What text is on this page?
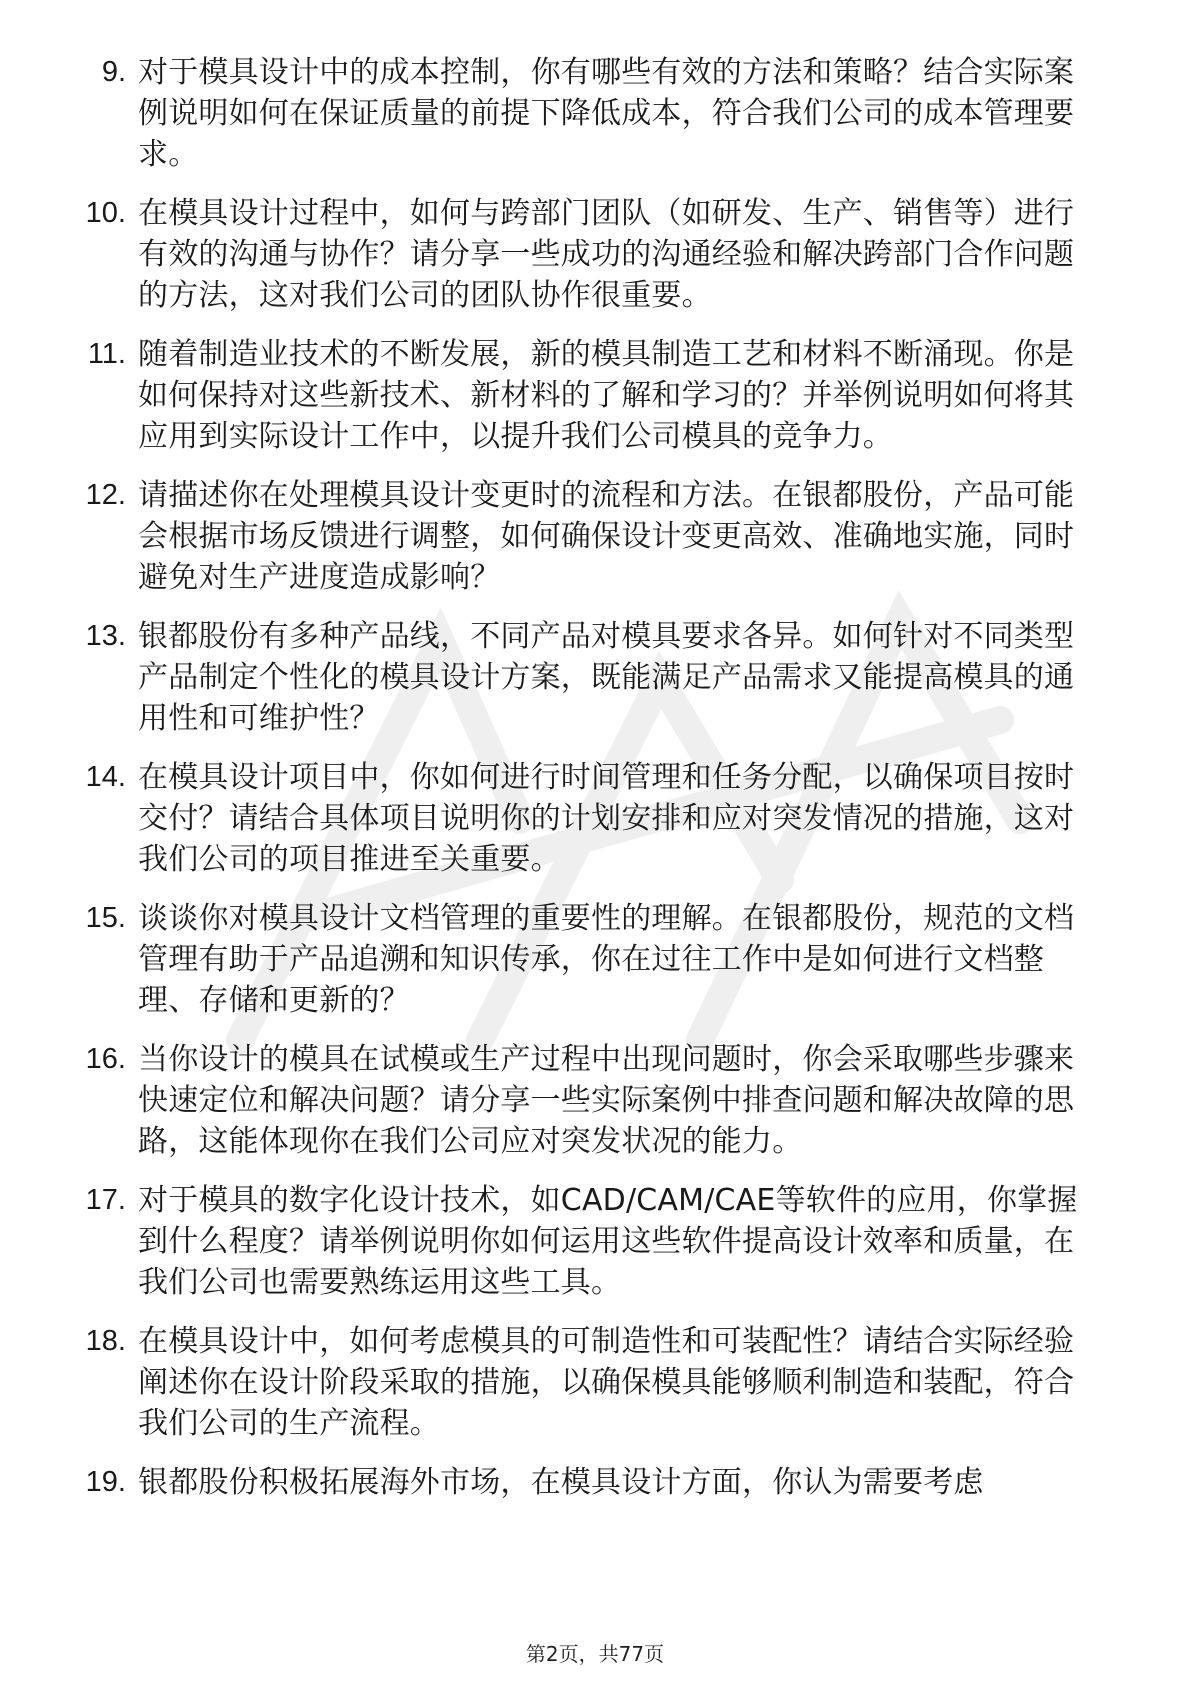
9. 对于模具设计中的成本控制，你有哪些有效的方法和策略？结合实际案例说明如何在保证质量的前提下降低成本，符合我们公司的成本管理要求。
10. 在模具设计过程中，如何与跨部门团队（如研发、生产、销售等）进行有效的沟通与协作？请分享一些成功的沟通经验和解决跨部门合作问题的方法，这对我们公司的团队协作很重要。
11. 随着制造业技术的不断发展，新的模具制造工艺和材料不断涌现。你是如何保持对这些新技术、新材料的了解和学习的？并举例说明如何将其应用到实际设计工作中，以提升我们公司模具的竞争力。
12. 请描述你在处理模具设计变更时的流程和方法。在银都股份，产品可能会根据市场反馈进行调整，如何确保设计变更高效、准确地实施，同时避免对生产进度造成影响？
13. 银都股份有多种产品线，不同产品对模具要求各异。如何针对不同类型产品制定个性化的模具设计方案，既能满足产品需求又能提高模具的通用性和可维护性？
14. 在模具设计项目中，你如何进行时间管理和任务分配，以确保项目按时交付？请结合具体项目说明你的计划安排和应对突发情况的措施，这对我们公司的项目推进至关重要。
15. 谈谈你对模具设计文档管理的重要性的理解。在银都股份，规范的文档管理有助于产品追溯和知识传承，你在过往工作中是如何进行文档整理、存储和更新的？
16. 当你设计的模具在试模或生产过程中出现问题时，你会采取哪些步骤来快速定位和解决问题？请分享一些实际案例中排查问题和解决故障的思路，这能体现你在我们公司应对突发状况的能力。
17. 对于模具的数字化设计技术，如CAD/CAM/CAE等软件的应用，你掌握到什么程度？请举例说明你如何运用这些软件提高设计效率和质量，在我们公司也需要熟练运用这些工具。
18. 在模具设计中，如何考虑模具的可制造性和可装配性？请结合实际经验阐述你在设计阶段采取的措施，以确保模具能够顺利制造和装配，符合我们公司的生产流程。
19. 银都股份积极拓展海外市场，在模具设计方面，你认为需要考虑
第2页，共77页
